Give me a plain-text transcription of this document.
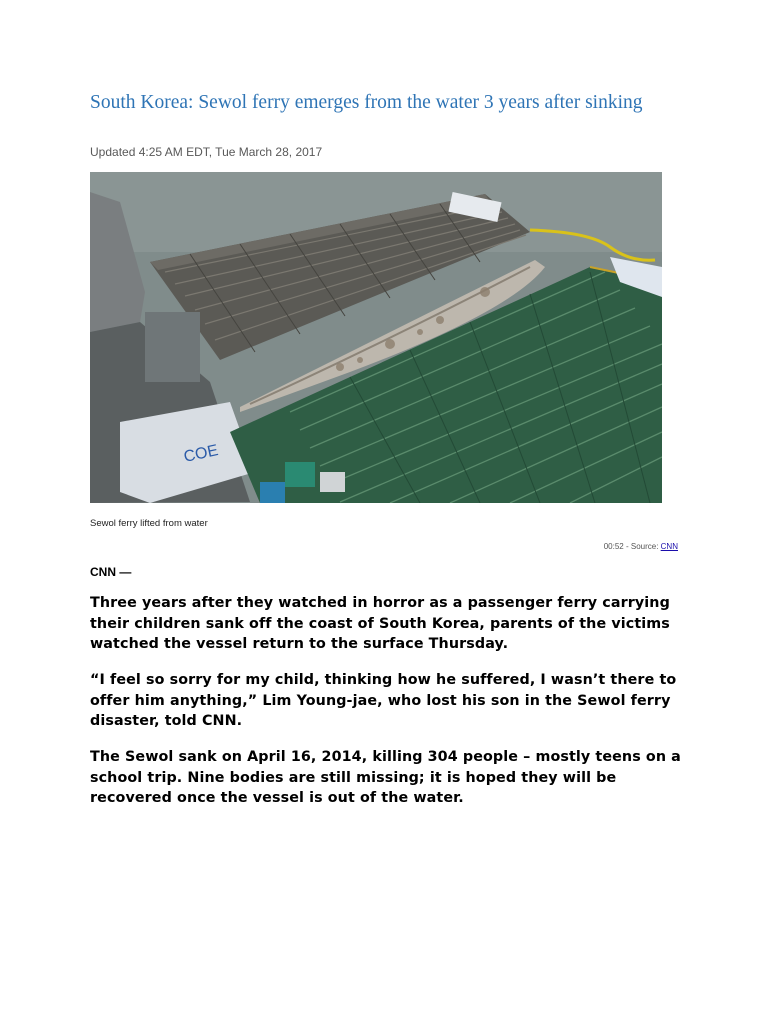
South Korea: Sewol ferry emerges from the water 3 years after sinking
Updated 4:25 AM EDT, Tue March 28, 2017
COE
Sewol ferry lifted from water
00:52 - Source: CNN
CNN —

Three years after they watched in horror as a passenger ferry carrying their children sank off the coast of South Korea, parents of the victims watched the vessel return to the surface Thursday.

“I feel so sorry for my child, thinking how he suffered, I wasn’t there to offer him anything,” Lim Young-jae, who lost his son in the Sewol ferry disaster, told CNN.

The Sewol sank on April 16, 2014, killing 304 people – mostly teens on a school trip. Nine bodies are still missing; it is hoped they will be recovered once the vessel is out of the water.
